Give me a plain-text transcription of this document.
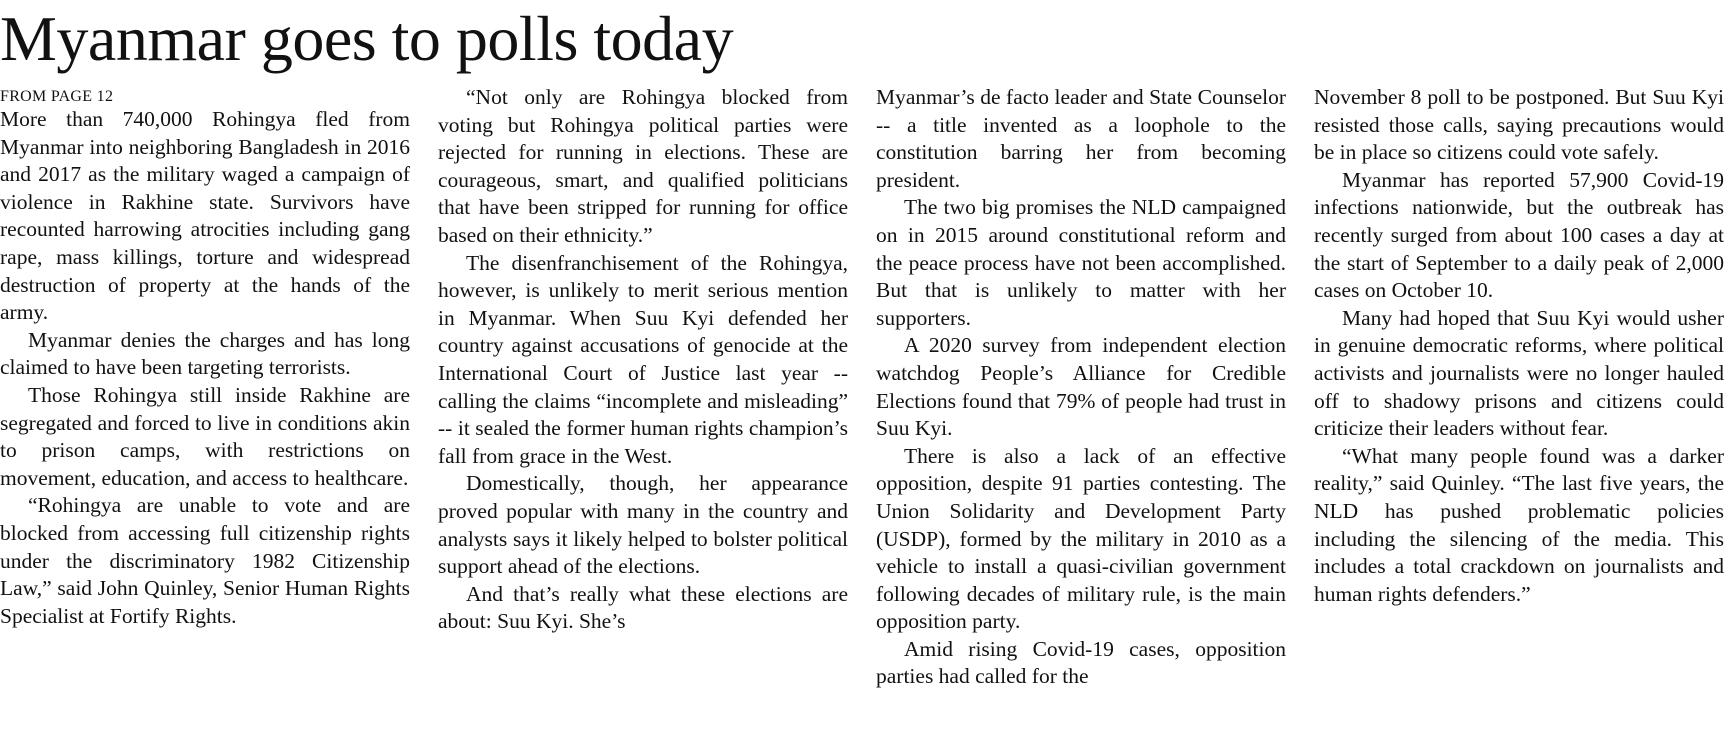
Myanmar goes to polls today

FROM PAGE 12

More than 740,000 Rohingya fled from Myanmar into neighboring Bangladesh in 2016 and 2017 as the military waged a campaign of violence in Rakhine state. Survivors have recounted harrowing atrocities including gang rape, mass killings, torture and widespread destruction of property at the hands of the army.

Myanmar denies the charges and has long claimed to have been targeting terrorists.

Those Rohingya still inside Rakhine are segregated and forced to live in conditions akin to prison camps, with restrictions on movement, education, and access to healthcare.

“Rohingya are unable to vote and are blocked from accessing full citizenship rights under the discriminatory 1982 Citizenship Law,” said John Quinley, Senior Human Rights Specialist at Fortify Rights.

“Not only are Rohingya blocked from voting but Rohingya political parties were rejected for running in elections. These are courageous, smart, and qualified politicians that have been stripped for running for office based on their ethnicity.”

The disenfranchisement of the Rohingya, however, is unlikely to merit serious mention in Myanmar. When Suu Kyi defended her country against accusations of genocide at the International Court of Justice last year -- calling the claims “incomplete and misleading” -- it sealed the former human rights champion’s fall from grace in the West.

Domestically, though, her appearance proved popular with many in the country and analysts says it likely helped to bolster political support ahead of the elections.

And that’s really what these elections are about: Suu Kyi. She’s

Myanmar’s de facto leader and State Counselor -- a title invented as a loophole to the constitution barring her from becoming president.

The two big promises the NLD campaigned on in 2015 around constitutional reform and the peace process have not been accomplished. But that is unlikely to matter with her supporters.

A 2020 survey from independent election watchdog People’s Alliance for Credible Elections found that 79% of people had trust in Suu Kyi.

There is also a lack of an effective opposition, despite 91 parties contesting. The Union Solidarity and Development Party (USDP), formed by the military in 2010 as a vehicle to install a quasi-civilian government following decades of military rule, is the main opposition party.

Amid rising Covid-19 cases, opposition parties had called for the

November 8 poll to be postponed. But Suu Kyi resisted those calls, saying precautions would be in place so citizens could vote safely.

Myanmar has reported 57,900 Covid-19 infections nationwide, but the outbreak has recently surged from about 100 cases a day at the start of September to a daily peak of 2,000 cases on October 10.

Many had hoped that Suu Kyi would usher in genuine democratic reforms, where political activists and journalists were no longer hauled off to shadowy prisons and citizens could criticize their leaders without fear.

“What many people found was a darker reality,” said Quinley. “The last five years, the NLD has pushed problematic policies including the silencing of the media. This includes a total crackdown on journalists and human rights defenders.”
